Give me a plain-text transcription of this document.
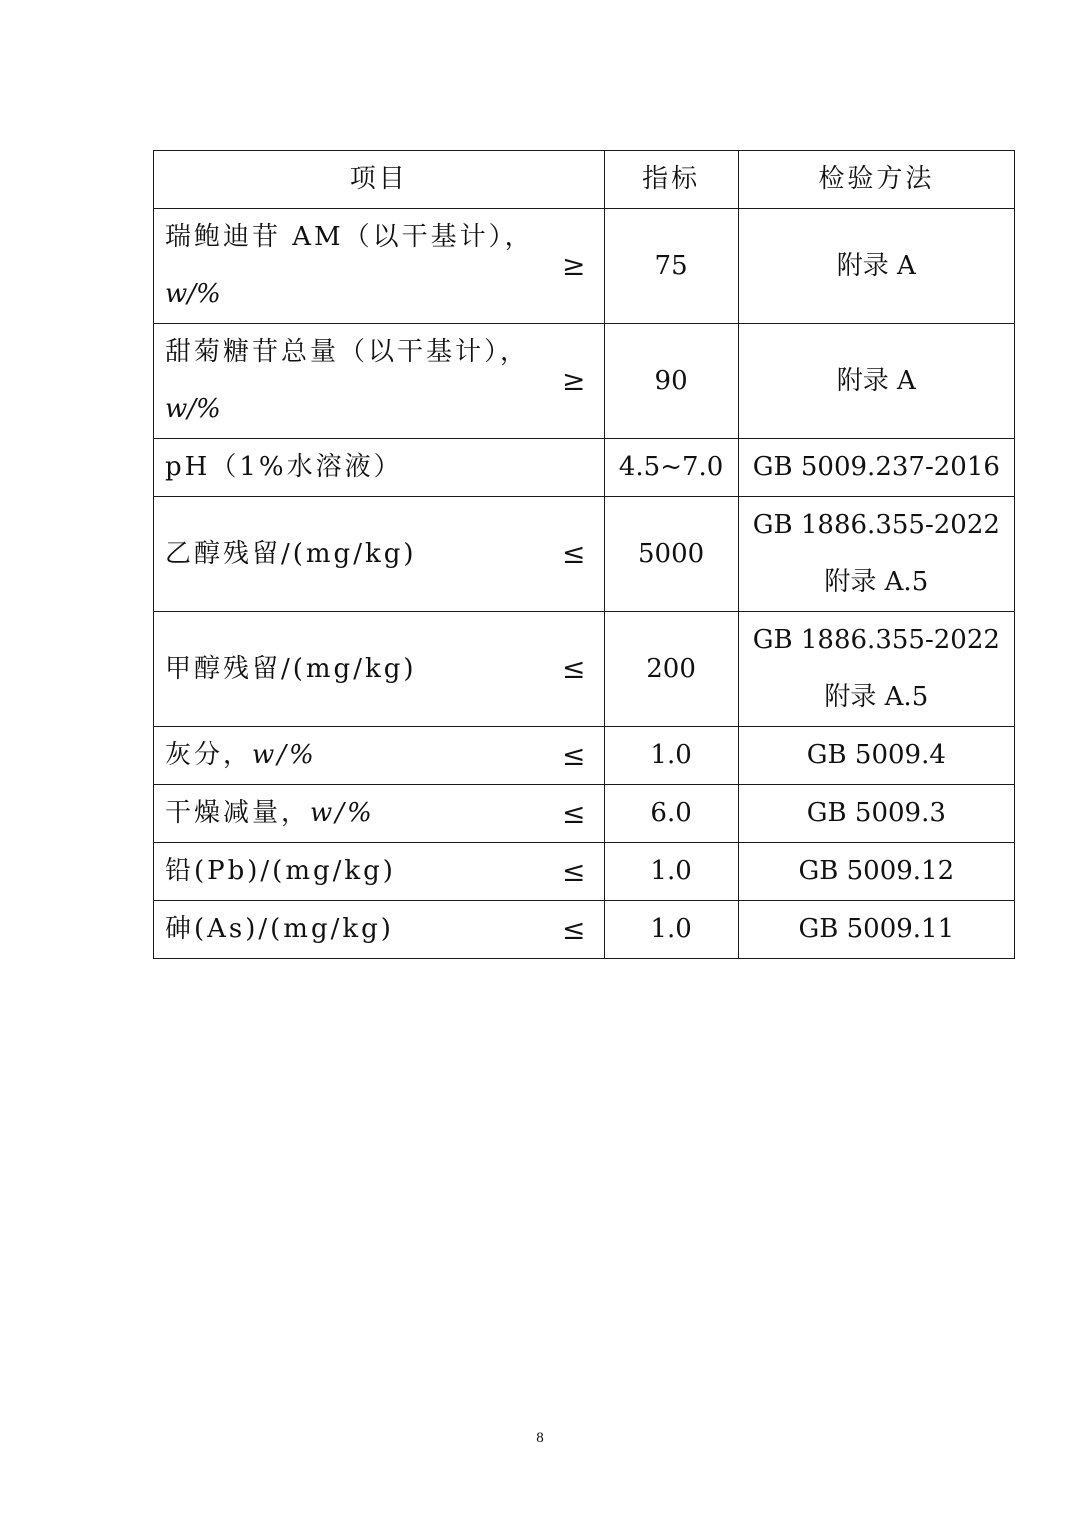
项目	指标	检验方法

瑞鲍迪苷 AM（以干基计），
w/%
≥	75	附录 A

甜菊糖苷总量（以干基计），
w/%
≥	90	附录 A

pH（1%水溶液）	4.5~7.0	GB 5009.237-2016

乙醇残留/(mg/kg) ≤	5000	GB 1886.355-2022
附录 A.5

甲醇残留/(mg/kg) ≤	200	GB 1886.355-2022
附录 A.5

灰分，w/% ≤	1.0	GB 5009.4

干燥减量，w/% ≤	6.0	GB 5009.3

铅(Pb)/(mg/kg) ≤	1.0	GB 5009.12

砷(As)/(mg/kg) ≤	1.0	GB 5009.11
8
